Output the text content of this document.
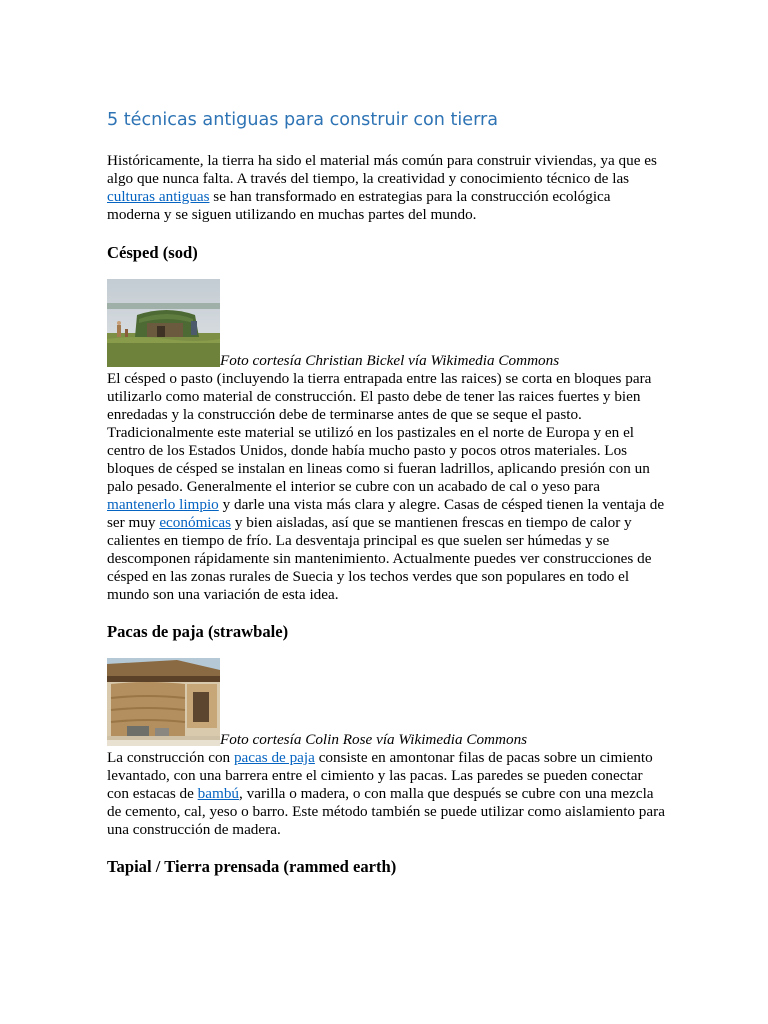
5 técnicas antiguas para construir con tierra

Históricamente, la tierra ha sido el material más común para construir viviendas, ya que es
algo que nunca falta. A través del tiempo, la creatividad y conocimiento técnico de las
culturas antiguas se han transformado en estrategias para la construcción ecológica
moderna y se siguen utilizando en muchas partes del mundo.

Césped (sod)
Foto cortesía Christian Bickel vía Wikimedia Commons

El césped o pasto (incluyendo la tierra entrapada entre las raices) se corta en bloques para
utilizarlo como material de construcción. El pasto debe de tener las raices fuertes y bien
enredadas y la construcción debe de terminarse antes de que se seque el pasto.
Tradicionalmente este material se utilizó en los pastizales en el norte de Europa y en el
centro de los Estados Unidos, donde había mucho pasto y pocos otros materiales. Los
bloques de césped se instalan en lineas como si fueran ladrillos, aplicando presión con un
palo pesado. Generalmente el interior se cubre con un acabado de cal o yeso para
mantenerlo limpio y darle una vista más clara y alegre. Casas de césped tienen la ventaja de
ser muy económicas y bien aisladas, así que se mantienen frescas en tiempo de calor y
calientes en tiempo de frío. La desventaja principal es que suelen ser húmedas y se
descomponen rápidamente sin mantenimiento. Actualmente puedes ver construcciones de
césped en las zonas rurales de Suecia y los techos verdes que son populares en todo el
mundo son una variación de esta idea.

Pacas de paja (strawbale)
Foto cortesía Colin Rose vía Wikimedia Commons

La construcción con pacas de paja consiste en amontonar filas de pacas sobre un cimiento
levantado, con una barrera entre el cimiento y las pacas. Las paredes se pueden conectar
con estacas de bambú, varilla o madera, o con malla que después se cubre con una mezcla
de cemento, cal, yeso o barro. Este método también se puede utilizar como aislamiento para
una construcción de madera.

Tapial / Tierra prensada (rammed earth)
